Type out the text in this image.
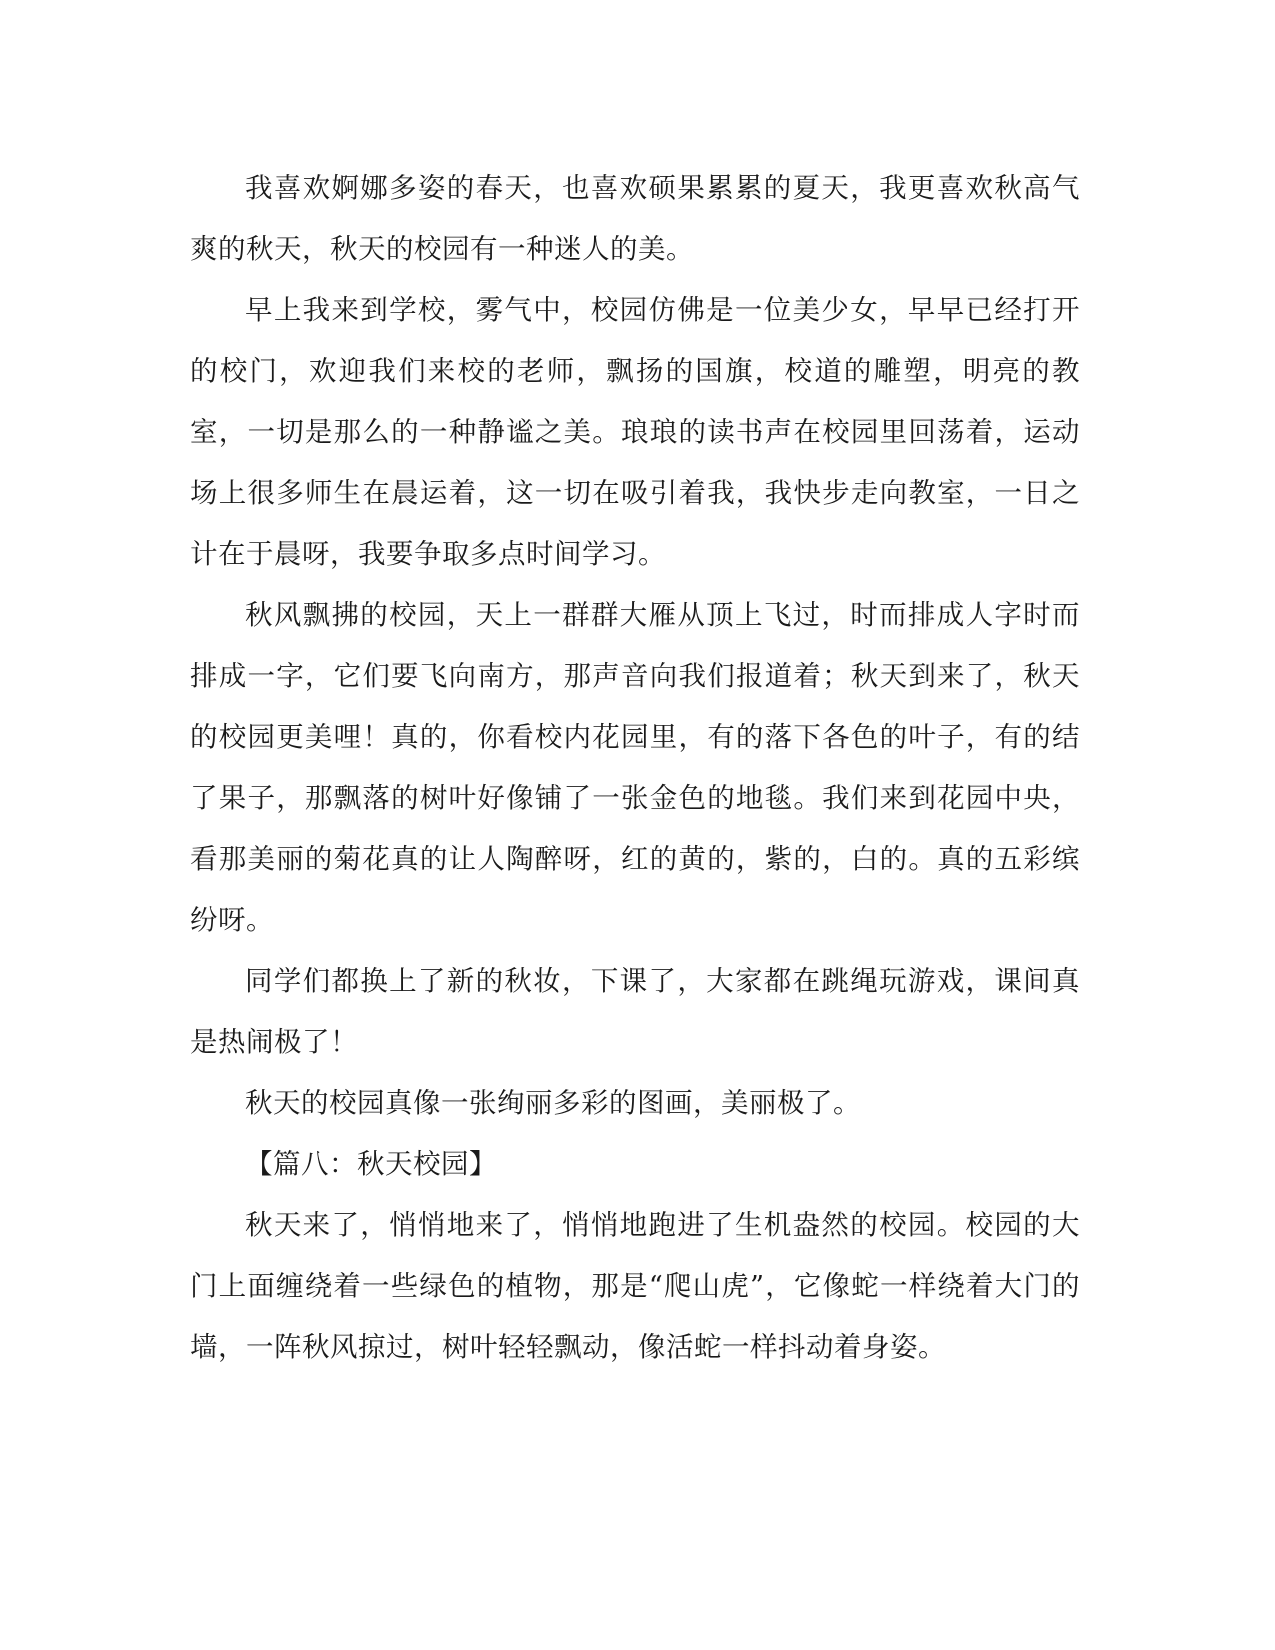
我喜欢婀娜多姿的春天，也喜欢硕果累累的夏天，我更喜欢秋高气爽的秋天，秋天的校园有一种迷人的美。

早上我来到学校，雾气中，校园仿佛是一位美少女，早早已经打开的校门，欢迎我们来校的老师，飘扬的国旗，校道的雕塑，明亮的教室，一切是那么的一种静谧之美。琅琅的读书声在校园里回荡着，运动场上很多师生在晨运着，这一切在吸引着我，我快步走向教室，一日之计在于晨呀，我要争取多点时间学习。

秋风飘拂的校园，天上一群群大雁从顶上飞过，时而排成人字时而排成一字，它们要飞向南方，那声音向我们报道着；秋天到来了，秋天的校园更美哩！真的，你看校内花园里，有的落下各色的叶子，有的结了果子，那飘落的树叶好像铺了一张金色的地毯。我们来到花园中央，看那美丽的菊花真的让人陶醉呀，红的黄的，紫的，白的。真的五彩缤纷呀。

同学们都换上了新的秋妆，下课了，大家都在跳绳玩游戏，课间真是热闹极了！

秋天的校园真像一张绚丽多彩的图画，美丽极了。

【篇八：秋天校园】

秋天来了，悄悄地来了，悄悄地跑进了生机盎然的校园。校园的大门上面缠绕着一些绿色的植物，那是“爬山虎”，它像蛇一样绕着大门的墙，一阵秋风掠过，树叶轻轻飘动，像活蛇一样抖动着身姿。
